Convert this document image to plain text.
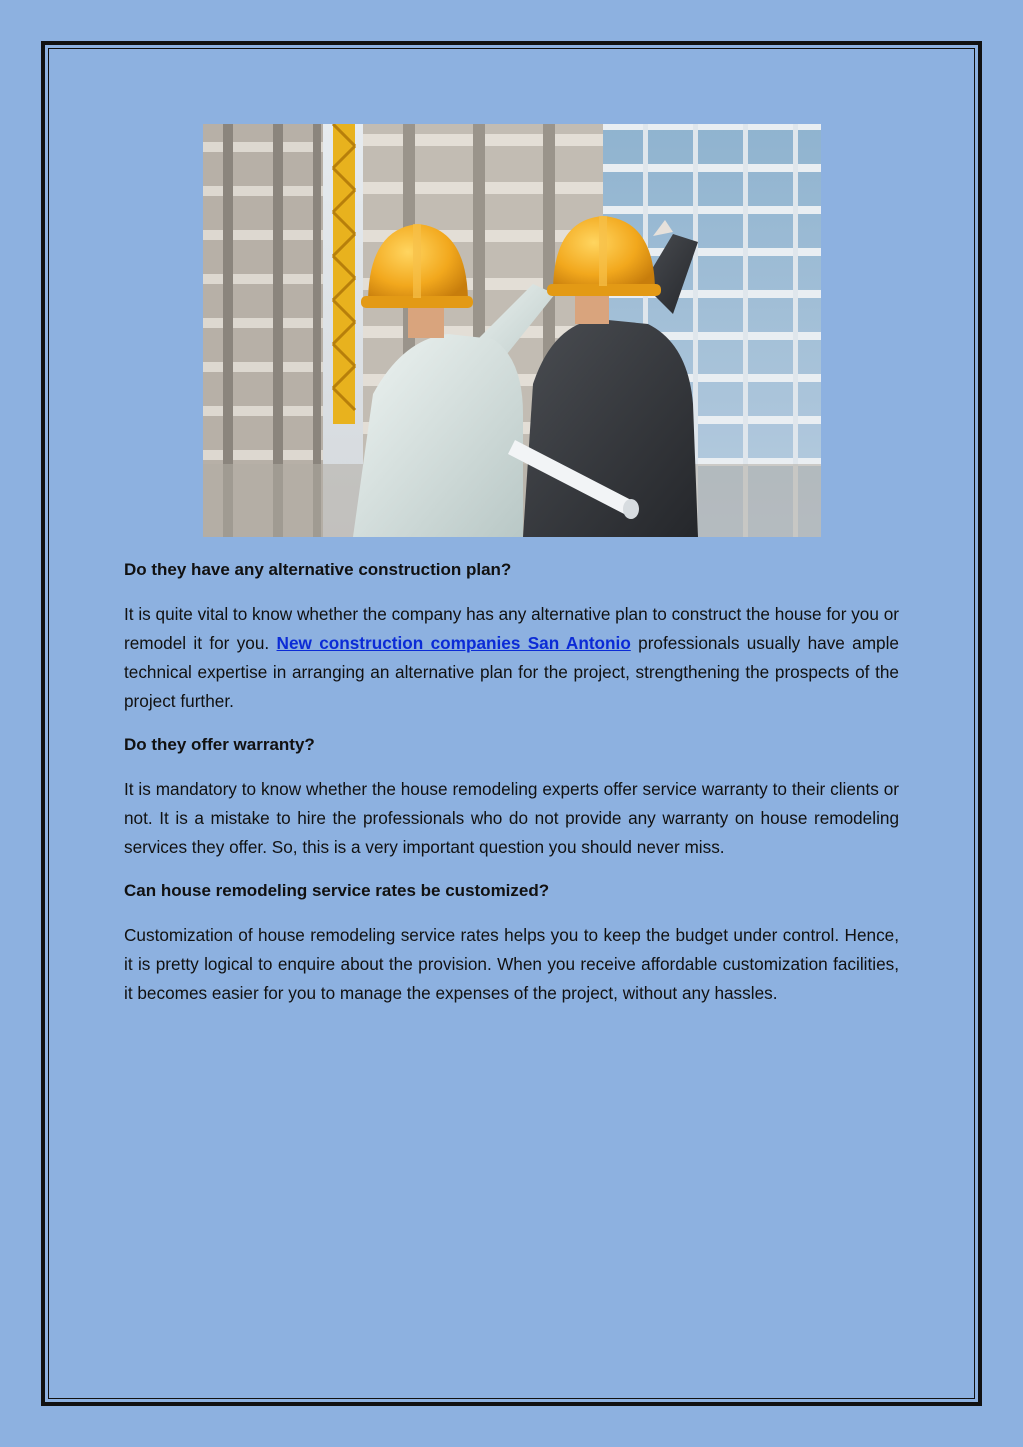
Do they have any alternative construction plan?

It is quite vital to know whether the company has any alternative plan to construct the house for you or remodel it for you. New construction companies San Antonio professionals usually have ample technical expertise in arranging an alternative plan for the project, strengthening the prospects of the project further.

Do they offer warranty?

It is mandatory to know whether the house remodeling experts offer service warranty to their clients or not. It is a mistake to hire the professionals who do not provide any warranty on house remodeling services they offer. So, this is a very important question you should never miss.

Can house remodeling service rates be customized?

Customization of house remodeling service rates helps you to keep the budget under control. Hence, it is pretty logical to enquire about the provision. When you receive affordable customization facilities, it becomes easier for you to manage the expenses of the project, without any hassles.
